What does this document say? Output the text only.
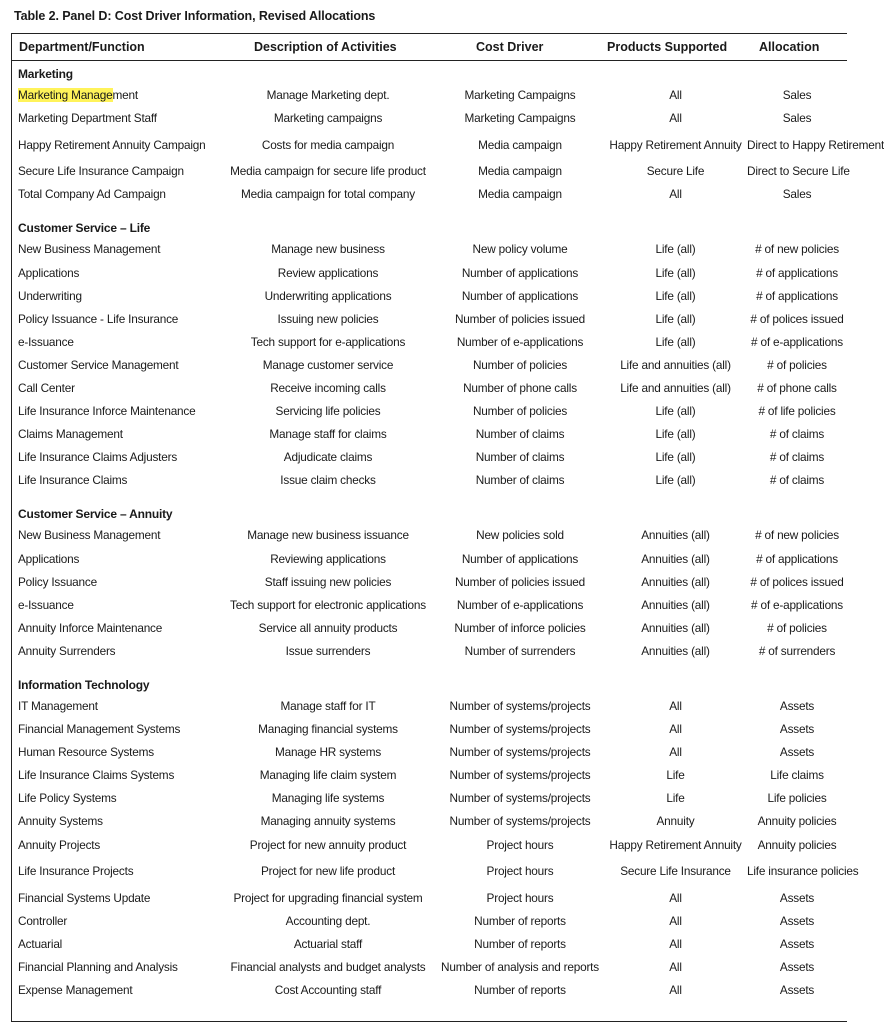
Table 2. Panel D: Cost Driver Information, Revised Allocations
Department/Function	Description of Activities	Cost Driver	Products Supported	Allocation
Marketing				
Marketing Management	Manage Marketing dept.	Marketing Campaigns	All	Sales
Marketing Department Staff	Marketing campaigns	Marketing Campaigns	All	Sales
Happy Retirement Annuity Campaign	Costs for media campaign	Media campaign	Happy Retirement Annuity	Direct to Happy Retirement
Secure Life Insurance Campaign	Media campaign for secure life product	Media campaign	Secure Life	Direct to Secure Life
Total Company Ad Campaign	Media campaign for total company	Media campaign	All	Sales

Customer Service – Life				
New Business Management	Manage new business	New policy volume	Life (all)	# of new policies
Applications	Review applications	Number of applications	Life (all)	# of applications
Underwriting	Underwriting applications	Number of applications	Life (all)	# of applications
Policy Issuance - Life Insurance	Issuing new policies	Number of policies issued	Life (all)	# of polices issued
e-Issuance	Tech support for e-applications	Number of e-applications	Life (all)	# of e-applications
Customer Service Management	Manage customer service	Number of policies	Life and annuities (all)	# of policies
Call Center	Receive incoming calls	Number of phone calls	Life and annuities (all)	# of phone calls
Life Insurance Inforce Maintenance	Servicing life policies	Number of policies	Life (all)	# of life policies
Claims Management	Manage staff for claims	Number of claims	Life (all)	# of claims
Life Insurance Claims Adjusters	Adjudicate claims	Number of claims	Life (all)	# of claims
Life Insurance Claims	Issue claim checks	Number of claims	Life (all)	# of claims

Customer Service – Annuity				
New Business Management	Manage new business issuance	New policies sold	Annuities (all)	# of new policies
Applications	Reviewing applications	Number of applications	Annuities (all)	# of applications
Policy Issuance	Staff issuing new policies	Number of policies issued	Annuities (all)	# of polices issued
e-Issuance	Tech support for electronic applications	Number of e-applications	Annuities (all)	# of e-applications
Annuity Inforce Maintenance	Service all annuity products	Number of inforce policies	Annuities (all)	# of policies
Annuity Surrenders	Issue surrenders	Number of surrenders	Annuities (all)	# of surrenders

Information Technology				
IT Management	Manage staff for IT	Number of systems/projects	All	Assets
Financial Management Systems	Managing financial systems	Number of systems/projects	All	Assets
Human Resource Systems	Manage HR systems	Number of systems/projects	All	Assets
Life Insurance Claims Systems	Managing life claim system	Number of systems/projects	Life	Life claims
Life Policy Systems	Managing life systems	Number of systems/projects	Life	Life policies
Annuity Systems	Managing annuity systems	Number of systems/projects	Annuity	Annuity policies
Annuity Projects	Project for new annuity product	Project hours	Happy Retirement Annuity	Annuity policies
Life Insurance Projects	Project for new life product	Project hours	Secure Life Insurance	Life insurance policies
Financial Systems Update	Project for upgrading financial system	Project hours	All	Assets
Controller	Accounting dept.	Number of reports	All	Assets
Actuarial	Actuarial staff	Number of reports	All	Assets
Financial Planning and Analysis	Financial analysts and budget analysts	Number of analysis and reports	All	Assets
Expense Management	Cost Accounting staff	Number of reports	All	Assets
